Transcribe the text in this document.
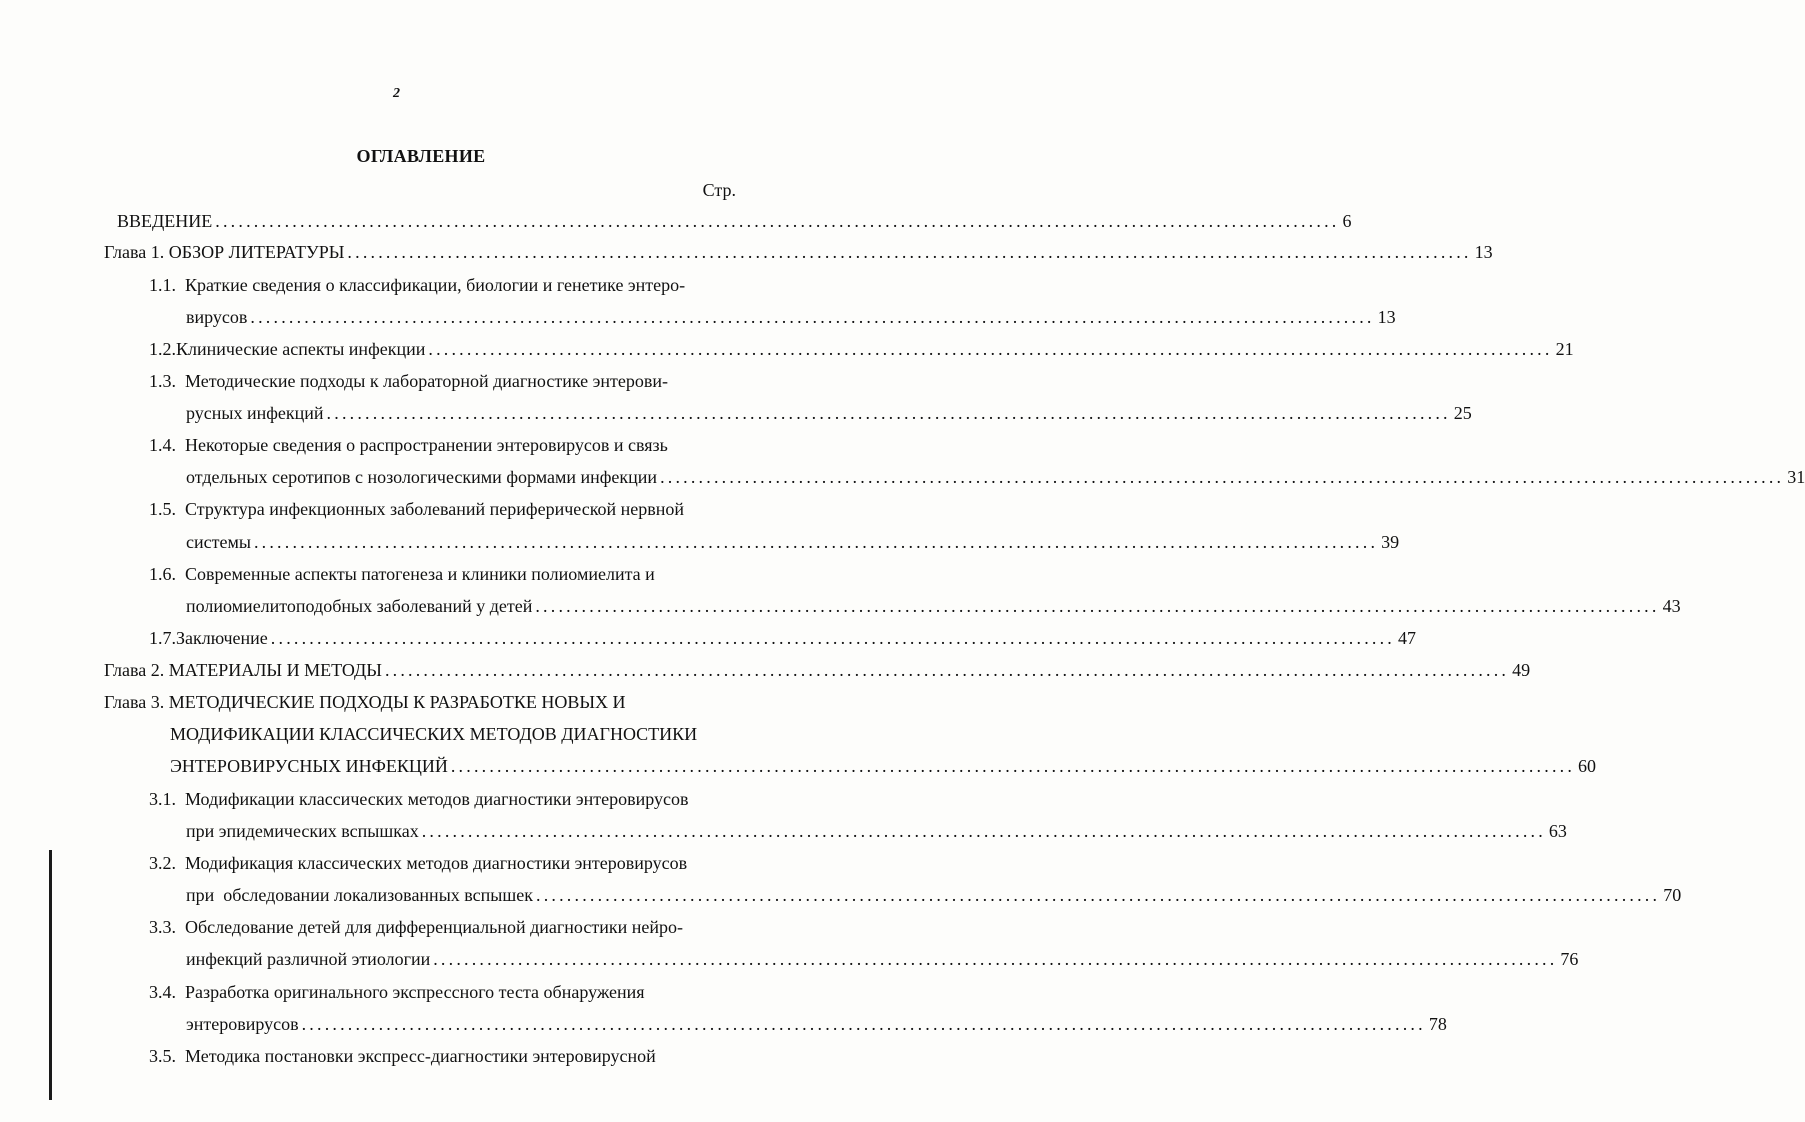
2
ОГЛАВЛЕНИЕ
Стр.
ВВЕДЕНИЕ .................................................................................................................................................. 6
Глава 1. ОБЗОР ЛИТЕРАТУРЫ .................................................................................................................................................. 13
1.1. Краткие сведения о классификации, биологии и генетике энтеро-
вирусов .................................................................................................................................................. 13
1.2. Клинические аспекты инфекции .................................................................................................................................................. 21
1.3. Методические подходы к лабораторной диагностике энтерови-
русных инфекций .................................................................................................................................................. 25
1.4. Некоторые сведения о распространении энтеровирусов и связь
отдельных серотипов с нозологическими формами инфекции .................................................................................................................................................. 31
1.5. Структура инфекционных заболеваний периферической нервной
системы .................................................................................................................................................. 39
1.6. Современные аспекты патогенеза и клиники полиомиелита и
полиомиелитоподобных заболеваний у детей .................................................................................................................................................. 43
1.7. Заключение .................................................................................................................................................. 47
Глава 2. МАТЕРИАЛЫ И МЕТОДЫ .................................................................................................................................................. 49
Глава 3. МЕТОДИЧЕСКИЕ ПОДХОДЫ К РАЗРАБОТКЕ НОВЫХ И
МОДИФИКАЦИИ КЛАССИЧЕСКИХ МЕТОДОВ ДИАГНОСТИКИ
ЭНТЕРОВИРУСНЫХ ИНФЕКЦИЙ .................................................................................................................................................. 60
3.1. Модификации классических методов диагностики энтеровирусов
при эпидемических вспышках .................................................................................................................................................. 63
3.2. Модификация классических методов диагностики энтеровирусов
при  обследовании локализованных вспышек .................................................................................................................................................. 70
3.3. Обследование детей для дифференциальной диагностики нейро-
инфекций различной этиологии .................................................................................................................................................. 76
3.4. Разработка оригинального экспрессного теста обнаружения
энтеровирусов .................................................................................................................................................. 78
3.5. Методика постановки экспресс-диагностики энтеровирусной
